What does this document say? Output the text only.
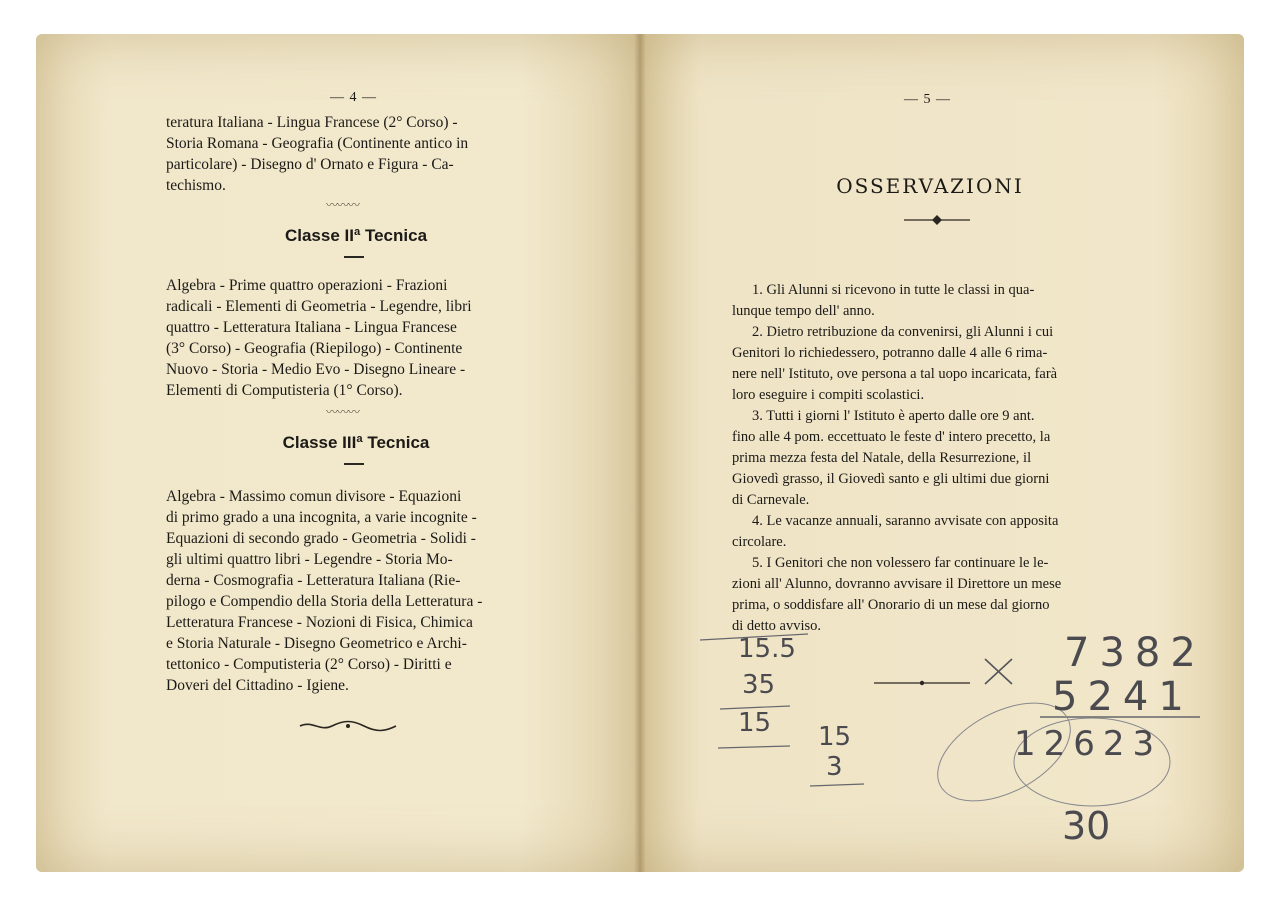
— 4 —

teratura Italiana - Lingua Francese (2° Corso) -

Storia Romana - Geografia (Continente antico in

particolare) - Disegno d' Ornato e Figura - Ca-

techismo.

〰〰〰
Classe IIª Tecnica

Algebra - Prime quattro operazioni - Frazioni

radicali - Elementi di Geometria - Legendre, libri

quattro - Letteratura Italiana - Lingua Francese

(3° Corso) - Geografia (Riepilogo) - Continente

Nuovo - Storia - Medio Evo - Disegno Lineare -

Elementi di Computisteria (1° Corso).

〰〰〰
Classe IIIª Tecnica

Algebra - Massimo comun divisore - Equazioni

di primo grado a una incognita, a varie incognite -

Equazioni di secondo grado - Geometria - Solidi -

gli ultimi quattro libri - Legendre - Storia Mo-

derna - Cosmografia - Letteratura Italiana (Rie-

pilogo e Compendio della Storia della Letteratura -

Letteratura Francese - Nozioni di Fisica, Chimica

e Storia Naturale - Disegno Geometrico e Archi-

tettonico - Computisteria (2° Corso) - Diritti e

Doveri del Cittadino - Igiene.

— 5 —
OSSERVAZIONI

1. Gli Alunni si ricevono in tutte le classi in qua-

lunque tempo dell' anno.

2. Dietro retribuzione da convenirsi, gli Alunni i cui

Genitori lo richiedessero, potranno dalle 4 alle 6 rima-

nere nell' Istituto, ove persona a tal uopo incaricata, farà

loro eseguire i compiti scolastici.

3. Tutti i giorni l' Istituto è aperto dalle ore 9 ant.

fino alle 4 pom. eccettuato le feste d' intero precetto, la

prima mezza festa del Natale, della Resurrezione, il

Giovedì grasso, il Giovedì santo e gli ultimi due giorni

di Carnevale.

4. Le vacanze annuali, saranno avvisate con apposita

circolare.

5. I Genitori che non volessero far continuare le le-

zioni all' Alunno, dovranno avvisare il Direttore un mese

prima, o soddisfare all' Onorario di un mese dal giorno

di detto avviso.

15.5
35
15 15
3
7382
5241
12623
30
